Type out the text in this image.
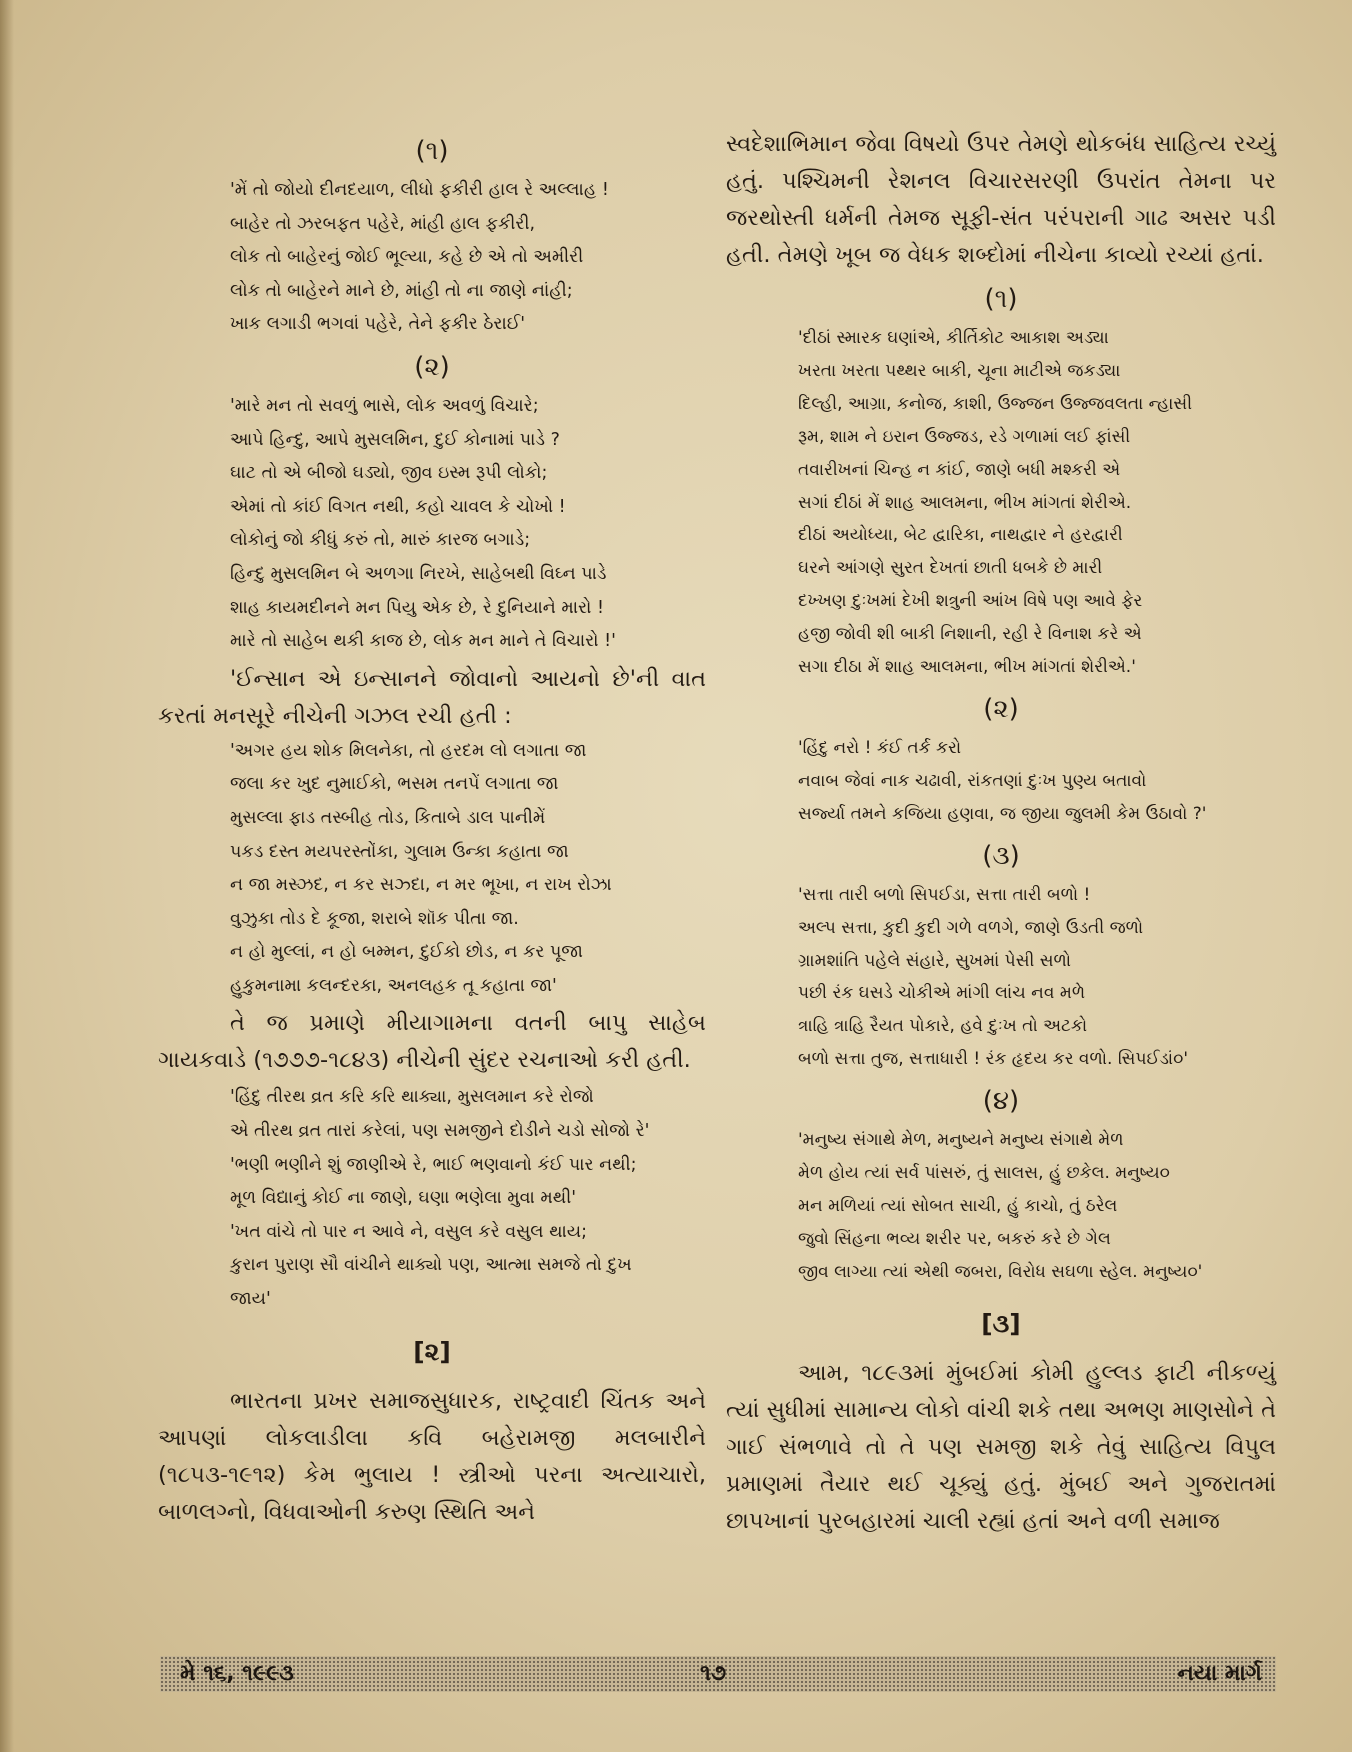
(૧)
'મેં તો જોયો દીનદયાળ, લીધો ફકીરી હાલ રે અલ્લાહ !
બાહેર તો ઝરબફત પહેરે, માંહી હાલ ફકીરી,
લોક તો બાહેરનું જોઈ ભૂલ્યા, કહે છે એ તો અમીરી
લોક તો બાહેરને માને છે, માંહી તો ના જાણે નાંહી;
ખાક લગાડી ભગવાં પહેરે, તેને ફકીર ઠેરાઈ'
(૨)
'મારે મન તો સવળું ભાસે, લોક અવળું વિચારે;
આપે હિન્દુ, આપે મુસલમિન, દુઈ કોનામાં પાડે ?
ઘાટ તો એ બીજો ઘડ્યો, જીવ ઇસ્મ રૂપી લોકો;
એમાં તો કાંઈ વિગત નથી, કહો ચાવલ કે ચોખો !
લોકોનું જો કીધું કરું તો, મારું કારજ બગાડે;
હિન્દુ મુસલમિન બે અળગા નિરખે, સાહેબથી વિઘ્ન પાડે
શાહ કાયમદીનને મન પિયુ એક છે, રે દુનિયાને મારો !
મારે તો સાહેબ થકી કાજ છે, લોક મન માને તે વિચારો !'

'ઈન્સાન એ ઇન્સાનને જોવાનો આયનો છે'ની વાત કરતાં મનસૂરે નીચેની ગઝલ રચી હતી :

'અગર હય શોક મિલનેકા, તો હરદમ લો લગાતા જા
જલા કર ખુદ નુમાઈકો, ભસમ તનપેં લગાતા જા
મુસલ્લા ફાડ તસ્બીહ તોડ, કિતાબે ડાલ પાનીમેં
પકડ દસ્ત મયપરસ્તોંકા, ગુલામ ઉન્કા કહાતા જા
ન જા મસ્ઝદ, ન કર સઝ્દા, ન મર ભૂખા, ન રાખ રોઝા
વુઝુકા તોડ દે કૂજા, શરાબે શૉક પીતા જા.
ન હો મુલ્લાં, ન હો બમ્મન, દુઈકો છોડ, ન કર પૂજા
હુકુમનામા કલન્દરકા, અનલહક તૂ કહાતા જા'

તે જ પ્રમાણે મીયાગામના વતની બાપુ સાહેબ ગાયકવાડે (૧૭૭૭-૧૮૪૩) નીચેની સુંદર રચનાઓ કરી હતી.

'હિંદુ તીરથ વ્રત કરિ કરિ થાક્યા, મુસલમાન કરે રોજો
એ તીરથ વ્રત તારાં કરેલાં, પણ સમજીને દોડીને ચડો સોજો રે'
'ભણી ભણીને શું જાણીએ રે, ભાઈ ભણવાનો કંઈ પાર નથી;
મૂળ વિદ્યાનું કોઈ ના જાણે, ઘણા ભણેલા મુવા મથી'
'ખત વાંચે તો પાર ન આવે ને, વસુલ કરે વસુલ થાય;
કુરાન પુરાણ સૌ વાંચીને થાક્યો પણ, આત્મા સમજે તો દુખ
જાય'
[૨]

ભારતના પ્રખર સમાજસુધારક, રાષ્ટ્રવાદી ચિંતક અને આપણાં લોકલાડીલા કવિ બહેરામજી મલબારીને (૧૮૫૩-૧૯૧૨) કેમ ભુલાય ! સ્ત્રીઓ પરના અત્યાચારો, બાળલગ્નો, વિધવાઓની કરુણ સ્થિતિ અને

સ્વદેશાભિમાન જેવા વિષયો ઉપર તેમણે થોકબંધ સાહિત્ય રચ્યું હતું. પશ્ચિમની રેશનલ વિચારસરણી ઉપરાંત તેમના પર જરથોસ્તી ધર્મની તેમજ સૂફી-સંત પરંપરાની ગાઢ અસર પડી હતી. તેમણે ખૂબ જ વેધક શબ્દોમાં નીચેના કાવ્યો રચ્યાં હતાં.

(૧)
'દીઠાં સ્મારક ઘણાંએ, કીર્તિકોટ આકાશ અડ્યા
ખરતા ખરતા પથ્થર બાકી, ચૂના માટીએ જકડ્યા
દિલ્હી, આગ્રા, કનોજ, કાશી, ઉજ્જન ઉજ્જવલતા ન્હાસી
રૂમ, શામ ને ઇરાન ઉજ્જડ, રડે ગળામાં લઈ ફાંસી
તવારીખનાં ચિન્હ ન કાંઈ, જાણે બધી મશ્કરી એ
સગાં દીઠાં મેં શાહ આલમના, ભીખ માંગતાં શેરીએ.
દીઠાં અયોધ્યા, બેટ દ્વારિકા, નાથદ્વાર ને હરદ્વારી
ઘરને આંગણે સુરત દેખતાં છાતી ધબકે છે મારી
દખ્ખણ દુઃખમાં દેખી શત્રુની આંખ વિષે પણ આવે ફેર
હજી જોવી શી બાકી નિશાની, રહી રે વિનાશ કરે એ
સગા દીઠા મેં શાહ આલમના, ભીખ માંગતાં શેરીએ.'
(૨)
'હિંદુ નરો ! કંઈ તર્ક કરો
નવાબ જેવાં નાક ચઢાવી, રાંકતણાં દુઃખ પુણ્ય બતાવો
સર્જ્યા તમને કજિયા હણવા, જ જીયા જુલમી કેમ ઉઠાવો ?'
(૩)
'સત્તા તારી બળો સિપઈડા, સત્તા તારી બળો !
અલ્પ સત્તા, કુદી કુદી ગળે વળગે, જાણે ઉડતી જળો
ગ્રામશાંતિ પહેલે સંહારે, સુખમાં પેસી સળો
પછી રંક ઘસડે ચોકીએ માંગી લાંચ નવ મળે
ત્રાહિ ત્રાહિ રૈયત પોકારે, હવે દુઃખ તો અટકો
બળો સત્તા તુજ, સત્તાધારી ! રંક હૃદય કર વળો. સિપઈડાં૦'
(૪)
'મનુષ્ય સંગાથે મેળ, મનુષ્યને મનુષ્ય સંગાથે મેળ
મેળ હોય ત્યાં સર્વ પાંસરું, તું સાલસ, હું છકેલ. મનુષ્ય૦
મન મળિયાં ત્યાં સોબત સાચી, હું કાચો, તું ઠરેલ
જુવો સિંહના ભવ્ય શરીર પર, બકરું કરે છે ગેલ
જીવ લાગ્યા ત્યાં એથી જબરા, વિરોધ સઘળા સ્હેલ. મનુષ્ય૦'
[૩]

આમ, ૧૮૯૩માં મુંબઈમાં કોમી હુલ્લડ ફાટી નીકળ્યું ત્યાં સુધીમાં સામાન્ય લોકો વાંચી શકે તથા અભણ માણસોને તે ગાઈ સંભળાવે તો તે પણ સમજી શકે તેવું સાહિત્ય વિપુલ પ્રમાણમાં તૈયાર થઈ ચૂક્યું હતું. મુંબઈ અને ગુજરાતમાં છાપખાનાં પુરબહારમાં ચાલી રહ્યાં હતાં અને વળી સમાજ

મે ૧૬, ૧૯૯૩	૧૭	નયા માર્ગ
